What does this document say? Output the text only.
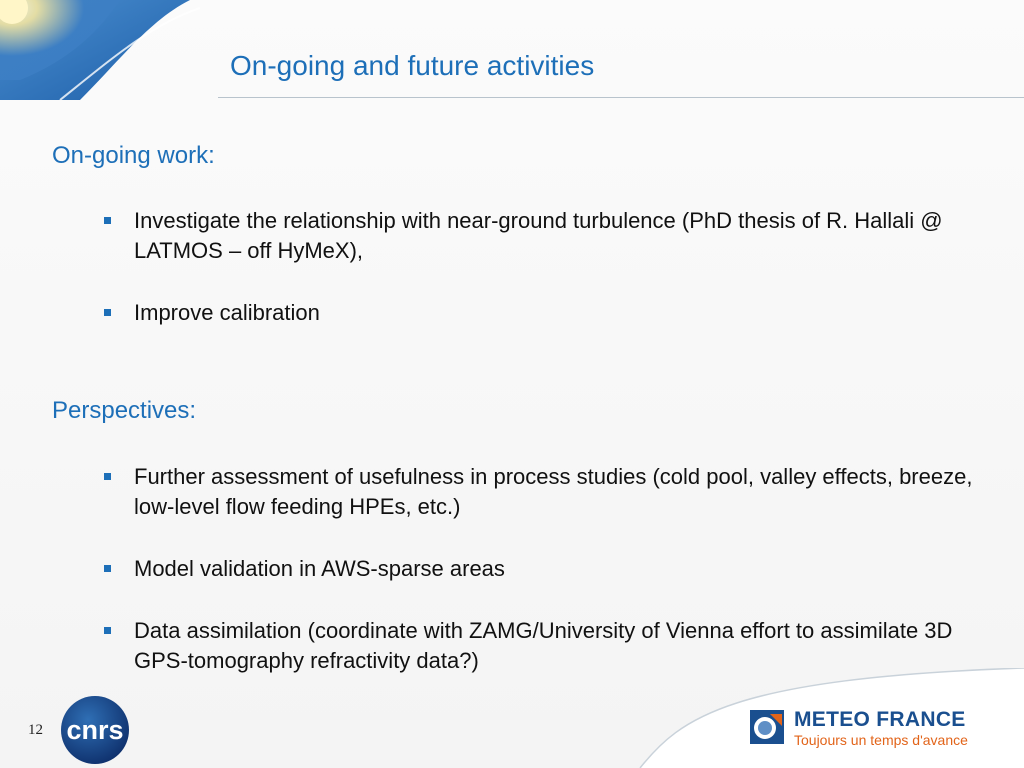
On-going and future activities
On-going work:
Investigate the relationship with near-ground turbulence (PhD thesis of R. Hallali @ LATMOS – off HyMeX),
Improve calibration
Perspectives:
Further assessment of usefulness in process studies (cold pool, valley effects, breeze, low-level flow feeding HPEs, etc.)
Model validation in AWS-sparse areas
Data assimilation (coordinate with ZAMG/University of Vienna effort to assimilate 3D GPS-tomography refractivity data?)
12 cnrs	METEO FRANCE
Toujours un temps d'avance
